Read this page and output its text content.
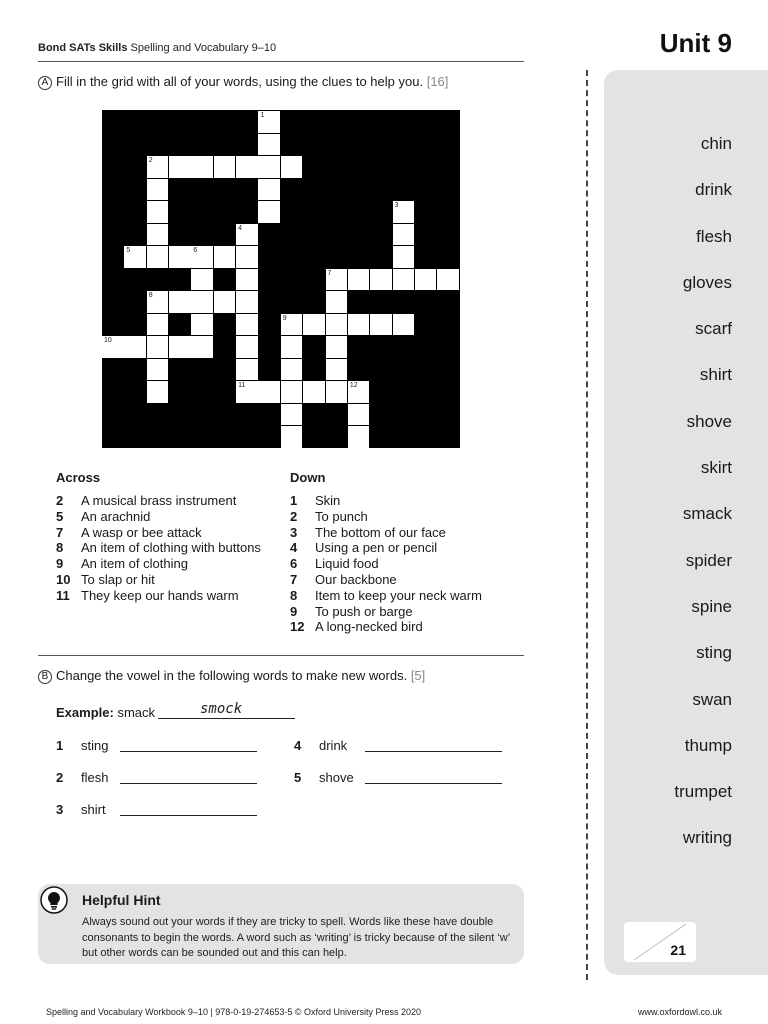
Bond SATs Skills Spelling and Vocabulary 9–10	Unit 9
chin
drink
flesh
gloves
scarf
shirt
shove
skirt
smack
spider
spine
sting
swan
thump
trumpet
writing
21
A Fill in the grid with all of your words, using the clues to help you. [16]
1
2
3
4
5	6
7
8
9
10
11	12
Across	Down
2 A musical brass instrument
5 An arachnid
7 A wasp or bee attack
8 An item of clothing with buttons
9 An item of clothing
10 To slap or hit
11 They keep our hands warm
1 Skin
2 To punch
3 The bottom of our face
4 Using a pen or pencil
6 Liquid food
7 Our backbone
8 Item to keep your neck warm
9 To push or barge
12 A long-necked bird
B Change the vowel in the following words to make new words. [5]
Example: smack	smock
1 sting
2 flesh
3 shirt
4 drink
5 shove
Helpful Hint
Always sound out your words if they are tricky to spell. Words like these have double consonants to begin the words. A word such as ‘writing’ is tricky because of the silent ‘w’ but other words can be sounded out and this can help.
Spelling and Vocabulary Workbook 9–10 | 978-0-19-274653-5 © Oxford University Press 2020	www.oxfordowl.co.uk
